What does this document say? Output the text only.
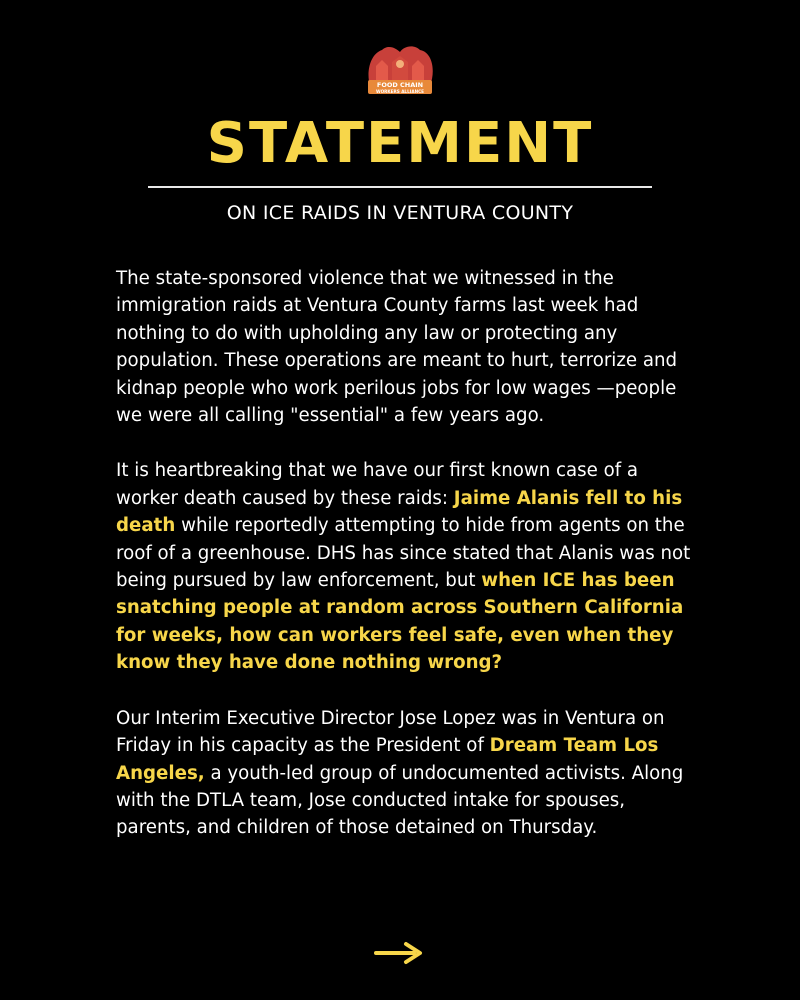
FOOD CHAIN
WORKERS ALLIANCE
STATEMENT
ON ICE RAIDS IN VENTURA COUNTY

The state-sponsored violence that we witnessed in the immigration raids at Ventura County farms last week had nothing to do with upholding any law or protecting any population. These operations are meant to hurt, terrorize and kidnap people who work perilous jobs for low wages —people we were all calling "essential" a few years ago.

It is heartbreaking that we have our first known case of a worker death caused by these raids: Jaime Alanis fell to his death while reportedly attempting to hide from agents on the roof of a greenhouse. DHS has since stated that Alanis was not being pursued by law enforcement, but when ICE has been snatching people at random across Southern California for weeks, how can workers feel safe, even when they know they have done nothing wrong?

Our Interim Executive Director Jose Lopez was in Ventura on Friday in his capacity as the President of Dream Team Los Angeles, a youth-led group of undocumented activists. Along with the DTLA team, Jose conducted intake for spouses, parents, and children of those detained on Thursday.
